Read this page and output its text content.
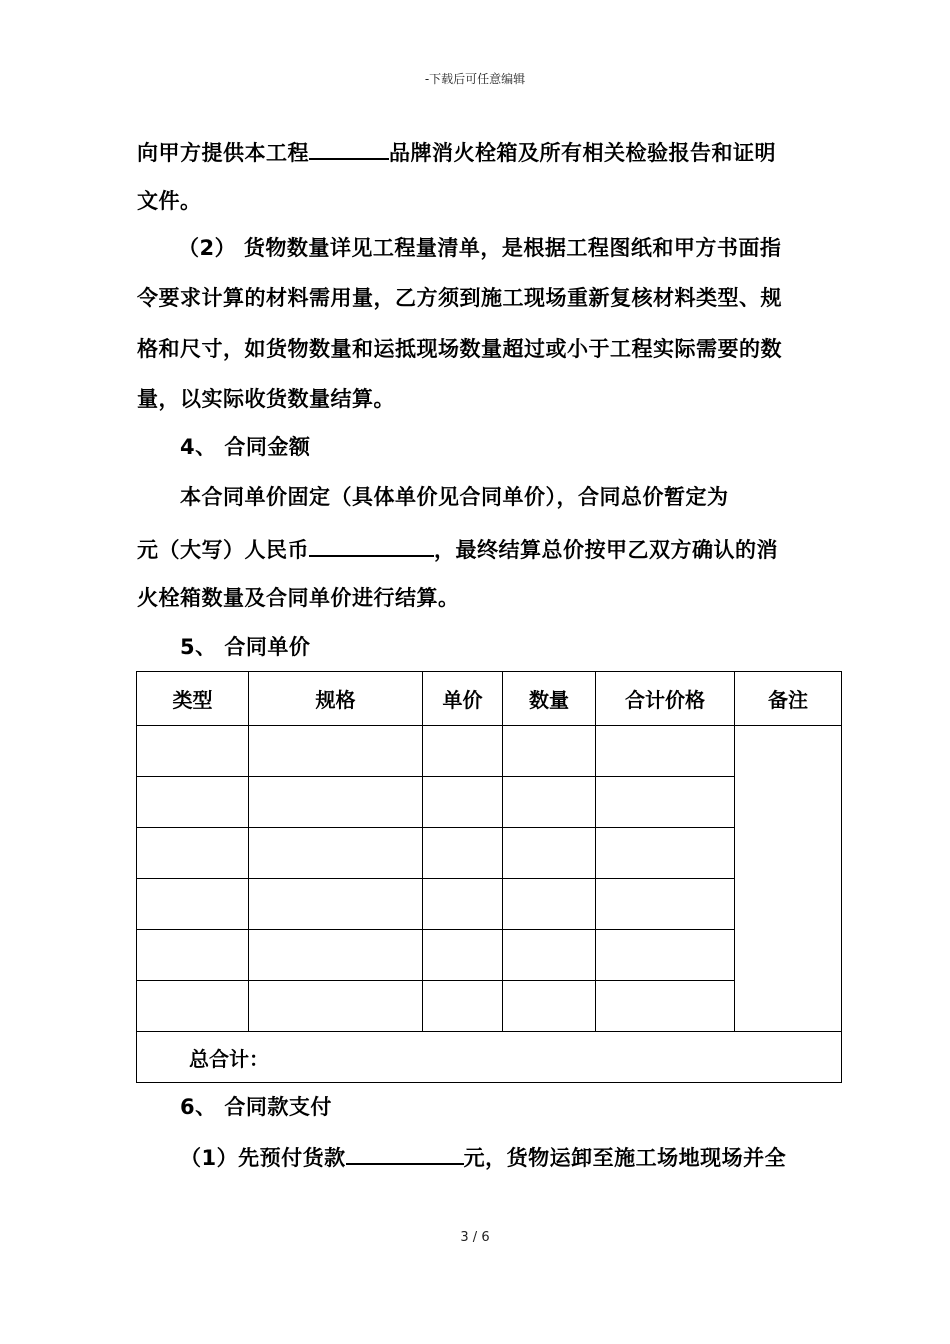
-下载后可任意编辑
向甲方提供本工程	品牌消火栓箱及所有相关检验报告和证明
文件。
（2） 货物数量详见工程量清单，是根据工程图纸和甲方书面指
令要求计算的材料需用量，乙方须到施工现场重新复核材料类型、规
格和尺寸，如货物数量和运抵现场数量超过或小于工程实际需要的数
量，以实际收货数量结算。
4、 合同金额
本合同单价固定（具体单价见合同单价），合同总价暂定为
元（大写）人民币	，最终结算总价按甲乙双方确认的消
火栓箱数量及合同单价进行结算。
5、 合同单价
类型	规格	单价	数量	合计价格	备注

总合计：					
6、 合同款支付
（1）先预付货款	元，货物运卸至施工场地现场并全
3 / 6
